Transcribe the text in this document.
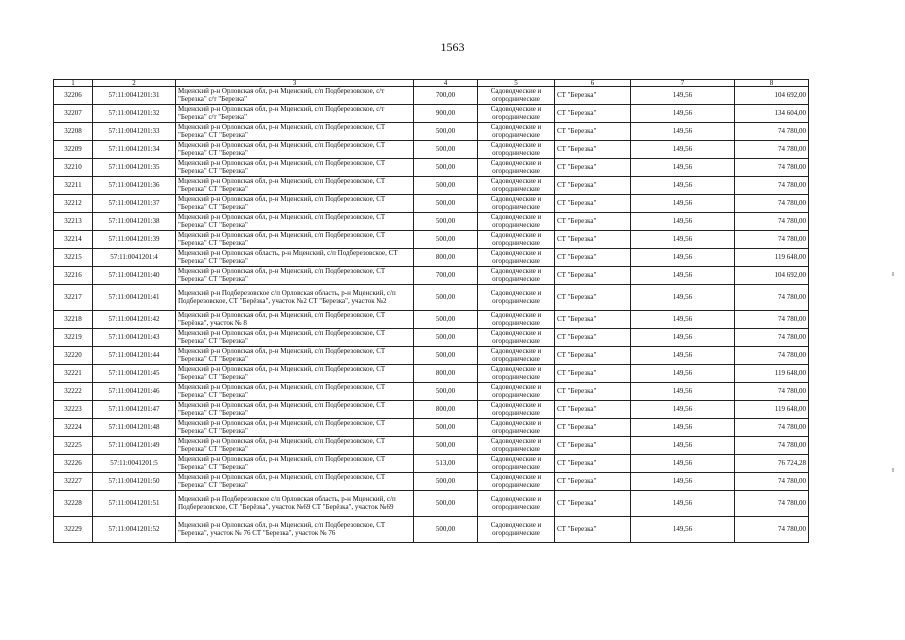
1563
1	2	3	4	5	6	7	8
32206	57:11:0041201:31	Мценский р-н Орловская обл, р-н Мценский, с/п Подберезовское, с/т "Березка" с/т "Березка"	700,00	Садоводческие и огороднические	СТ "Березка"	149,56	104 692,00
32207	57:11:0041201:32	Мценский р-н Орловская обл, р-н Мценский, с/п Подберезовское, с/т "Березка" с/т "Березка"	900,00	Садоводческие и огороднические	СТ "Березка"	149,56	134 604,00
32208	57:11:0041201:33	Мценский р-н Орловская обл, р-н Мценский, с/п Подберезовское, СТ "Березка" СТ "Березка"	500,00	Садоводческие и огороднические	СТ "Березка"	149,56	74 780,00
32209	57:11:0041201:34	Мценский р-н Орловская обл, р-н Мценский, с/п Подберезовское, СТ "Березка" СТ "Березка"	500,00	Садоводческие и огороднические	СТ "Березка"	149,56	74 780,00
32210	57:11:0041201:35	Мценский р-н Орловская обл, р-н Мценский, с/п Подберезовское, СТ "Березка" СТ "Березка"	500,00	Садоводческие и огороднические	СТ "Березка"	149,56	74 780,00
32211	57:11:0041201:36	Мценский р-н Орловская обл, р-н Мценский, с/п Подберезовское, СТ "Березка" СТ "Березка"	500,00	Садоводческие и огороднические	СТ "Березка"	149,56	74 780,00
32212	57:11:0041201:37	Мценский р-н Орловская обл, р-н Мценский, с/п Подберезовское, СТ "Березка" СТ "Березка"	500,00	Садоводческие и огороднические	СТ "Березка"	149,56	74 780,00
32213	57:11:0041201:38	Мценский р-н Орловская обл, р-н Мценский, с/п Подберезовское, СТ "Березка" СТ "Березка"	500,00	Садоводческие и огороднические	СТ "Березка"	149,56	74 780,00
32214	57:11:0041201:39	Мценский р-н Орловская обл, р-н Мценский, с/п Подберезовское, СТ "Березка" СТ "Березка"	500,00	Садоводческие и огороднические	СТ "Березка"	149,56	74 780,00
32215	57:11:0041201:4	Мценский р-н Орловская область, р-н Мценский, с/п Подберезовское, СТ "Березка" СТ "Березка"	800,00	Садоводческие и огороднические	СТ "Березка"	149,56	119 648,00
32216	57:11:0041201:40	Мценский р-н Орловская обл, р-н Мценский, с/п Подберезовское, СТ "Березка" СТ "Березка"	700,00	Садоводческие и огороднические	СТ "Березка"	149,56	104 692,00
32217	57:11:0041201:41	Мценский р-н Подберезовское с/п Орловская область, р-н Мценский, с/п Подберезовское, СТ "Берёзка", участок №2 СТ "Березка", участок №2	500,00	Садоводческие и огороднические	СТ "Березка"	149,56	74 780,00
32218	57:11:0041201:42	Мценский р-н Орловская обл, р-н Мценский, с/п Подберезовское, СТ "Берёзка", участок № 8	500,00	Садоводческие и огороднические	СТ "Березка"	149,56	74 780,00
32219	57:11:0041201:43	Мценский р-н Орловская обл, р-н Мценский, с/п Подберезовское, СТ "Березка" СТ "Березка"	500,00	Садоводческие и огороднические	СТ "Березка"	149,56	74 780,00
32220	57:11:0041201:44	Мценский р-н Орловская обл, р-н Мценский, с/п Подберезовское, СТ "Березка" СТ "Березка"	500,00	Садоводческие и огороднические	СТ "Березка"	149,56	74 780,00
32221	57:11:0041201:45	Мценский р-н Орловская обл, р-н Мценский, с/п Подберезовское, СТ "Березка" СТ "Березка"	800,00	Садоводческие и огороднические	СТ "Березка"	149,56	119 648,00
32222	57:11:0041201:46	Мценский р-н Орловская обл, р-н Мценский, с/п Подберезовское, СТ "Березка" СТ "Березка"	500,00	Садоводческие и огороднические	СТ "Березка"	149,56	74 780,00
32223	57:11:0041201:47	Мценский р-н Орловская обл, р-н Мценский, с/п Подберезовское, СТ "Березка" СТ "Березка"	800,00	Садоводческие и огороднические	СТ "Березка"	149,56	119 648,00
32224	57:11:0041201:48	Мценский р-н Орловская обл, р-н Мценский, с/п Подберезовское, СТ "Березка" СТ "Березка"	500,00	Садоводческие и огороднические	СТ "Березка"	149,56	74 780,00
32225	57:11:0041201:49	Мценский р-н Орловская обл, р-н Мценский, с/п Подберезовское, СТ "Березка" СТ "Березка"	500,00	Садоводческие и огороднические	СТ "Березка"	149,56	74 780,00
32226	57:11:0041201:5	Мценский р-н Орловская обл, р-н Мценский, с/п Подберезовское, СТ "Березка" СТ "Березка"	513,00	Садоводческие и огороднические	СТ "Березка"	149,56	76 724,28
32227	57:11:0041201:50	Мценский р-н Орловская обл, р-н Мценский, с/п Подберезовское, СТ "Березка" СТ "Березка"	500,00	Садоводческие и огороднические	СТ "Березка"	149,56	74 780,00
32228	57:11:0041201:51	Мценский р-н Подберезовское с/п Орловская область, р-н Мценский, с/п Подберезовское, СТ "Берёзка", участок №69 СТ "Берёзка", участок №69	500,00	Садоводческие и огороднические	СТ "Березка"	149,56	74 780,00
32229	57:11:0041201:52	Мценский р-н Орловская обл, р-н Мценский, с/п Подберезовское, СТ "Березка", участок № 76 СТ "Березка", участок № 76	500,00	Садоводческие и огороднические	СТ "Березка"	149,56	74 780,00
